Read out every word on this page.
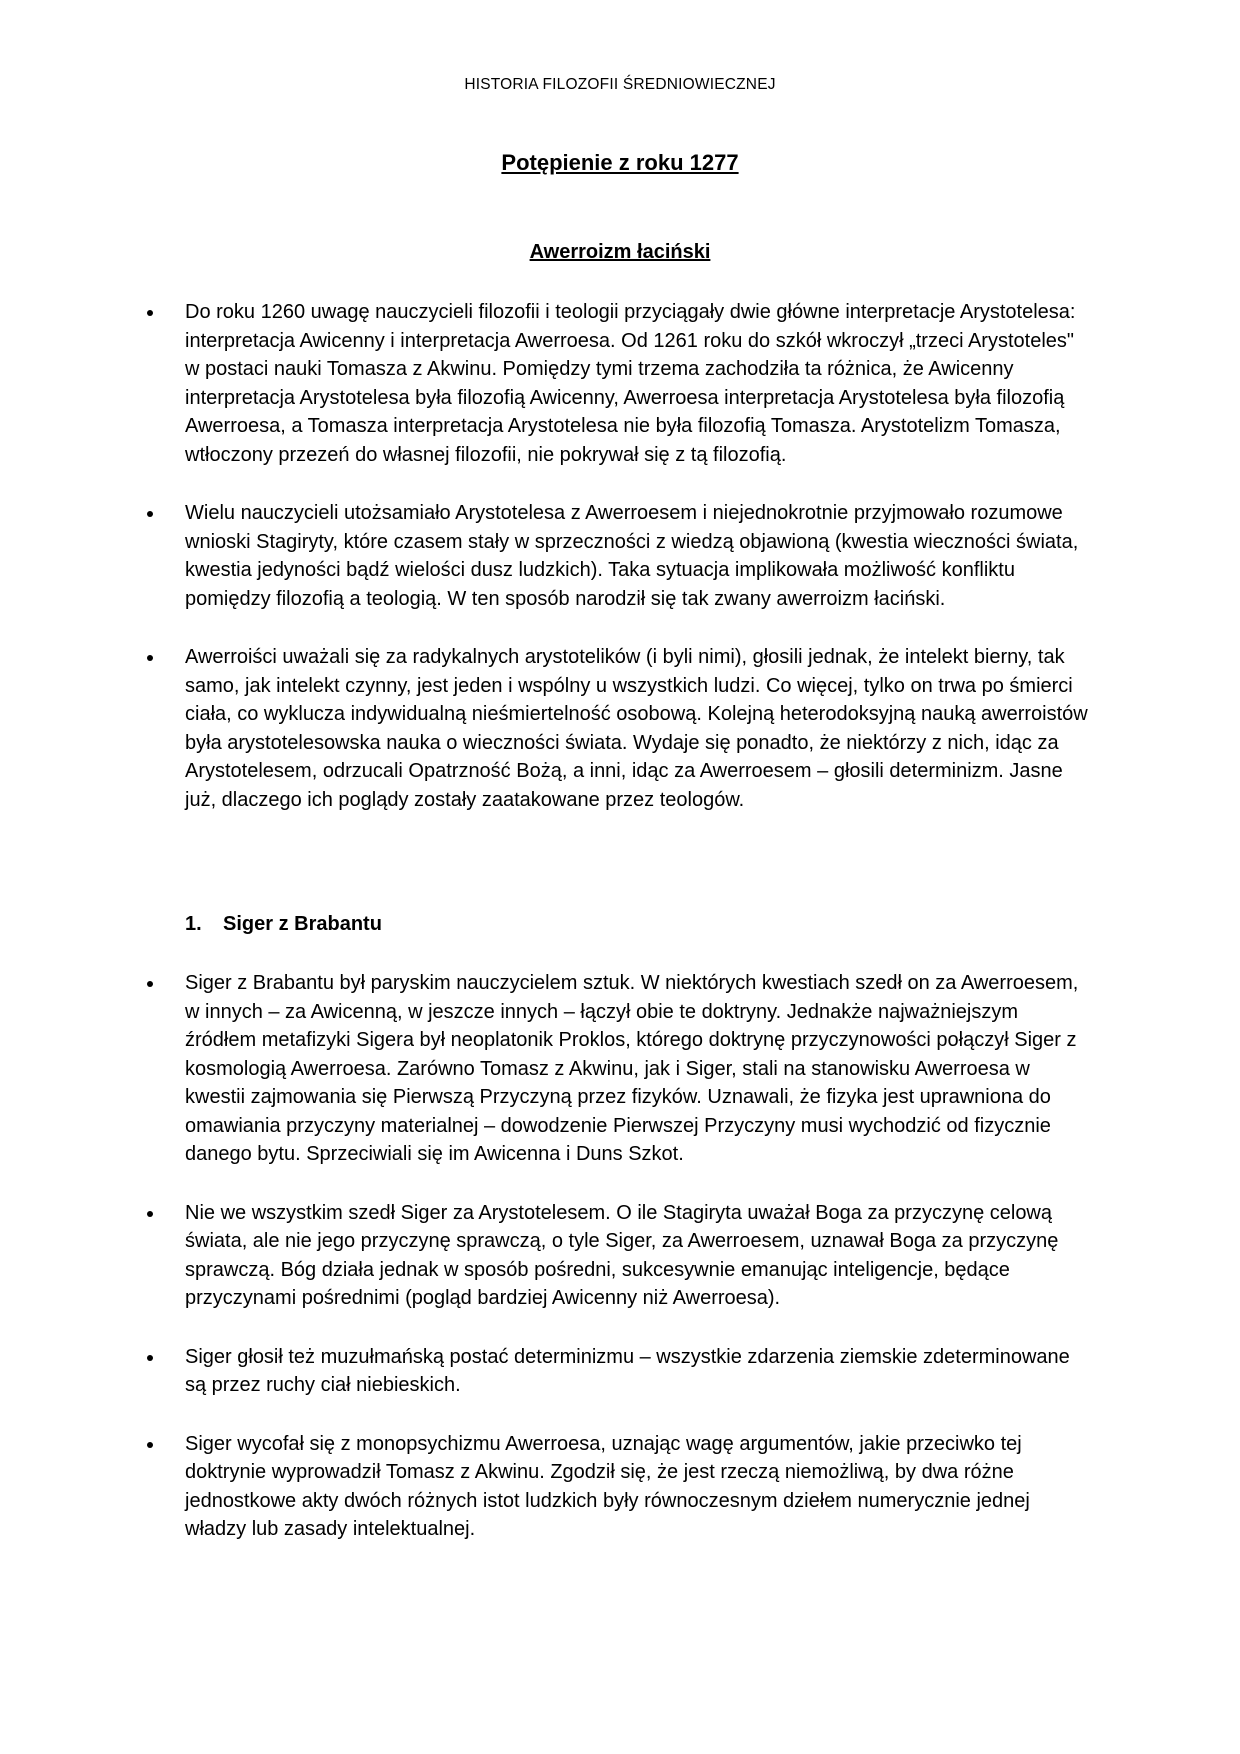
HISTORIA FILOZOFII ŚREDNIOWIECZNEJ
Potępienie z roku 1277
Awerroizm łaciński
Do roku 1260 uwagę nauczycieli filozofii i teologii przyciągały dwie główne interpretacje Arystotelesa: interpretacja Awicenny i interpretacja Awerroesa. Od 1261 roku do szkół wkroczył „trzeci Arystoteles" w postaci nauki Tomasza z Akwinu. Pomiędzy tymi trzema zachodziła ta różnica, że Awicenny interpretacja Arystotelesa była filozofią Awicenny, Awerroesa interpretacja Arystotelesa była filozofią Awerroesa, a Tomasza interpretacja Arystotelesa nie była filozofią Tomasza. Arystotelizm Tomasza, wtłoczony przezeń do własnej filozofii, nie pokrywał się z tą filozofią.
Wielu nauczycieli utożsamiało Arystotelesa z Awerroesem i niejednokrotnie przyjmowało rozumowe wnioski Stagiryty, które czasem stały w sprzeczności z wiedzą objawioną (kwestia wieczności świata, kwestia jedyności bądź wielości dusz ludzkich). Taka sytuacja implikowała możliwość konfliktu pomiędzy filozofią a teologią. W ten sposób narodził się tak zwany awerroizm łaciński.
Awerroiści uważali się za radykalnych arystotelików (i byli nimi), głosili jednak, że intelekt bierny, tak samo, jak intelekt czynny, jest jeden i wspólny u wszystkich ludzi. Co więcej, tylko on trwa po śmierci ciała, co wyklucza indywidualną nieśmiertelność osobową. Kolejną heterodoksyjną nauką awerroistów była arystotelesowska nauka o wieczności świata. Wydaje się ponadto, że niektórzy z nich, idąc za Arystotelesem, odrzucali Opatrzność Bożą, a inni, idąc za Awerroesem – głosili determinizm. Jasne już, dlaczego ich poglądy zostały zaatakowane przez teologów.
1. Siger z Brabantu
Siger z Brabantu był paryskim nauczycielem sztuk. W niektórych kwestiach szedł on za Awerroesem, w innych – za Awicenną, w jeszcze innych – łączył obie te doktryny. Jednakże najważniejszym źródłem metafizyki Sigera był neoplatonik Proklos, którego doktrynę przyczynowości połączył Siger z kosmologią Awerroesa. Zarówno Tomasz z Akwinu, jak i Siger, stali na stanowisku Awerroesa w kwestii zajmowania się Pierwszą Przyczyną przez fizyków. Uznawali, że fizyka jest uprawniona do omawiania przyczyny materialnej – dowodzenie Pierwszej Przyczyny musi wychodzić od fizycznie danego bytu. Sprzeciwiali się im Awicenna i Duns Szkot.
Nie we wszystkim szedł Siger za Arystotelesem. O ile Stagiryta uważał Boga za przyczynę celową świata, ale nie jego przyczynę sprawczą, o tyle Siger, za Awerroesem, uznawał Boga za przyczynę sprawczą. Bóg działa jednak w sposób pośredni, sukcesywnie emanując inteligencje, będące przyczynami pośrednimi (pogląd bardziej Awicenny niż Awerroesa).
Siger głosił też muzułmańską postać determinizmu – wszystkie zdarzenia ziemskie zdeterminowane są przez ruchy ciał niebieskich.
Siger wycofał się z monopsychizmu Awerroesa, uznając wagę argumentów, jakie przeciwko tej doktrynie wyprowadził Tomasz z Akwinu. Zgodził się, że jest rzeczą niemożliwą, by dwa różne jednostkowe akty dwóch różnych istot ludzkich były równoczesnym dziełem numerycznie jednej władzy lub zasady intelektualnej.
